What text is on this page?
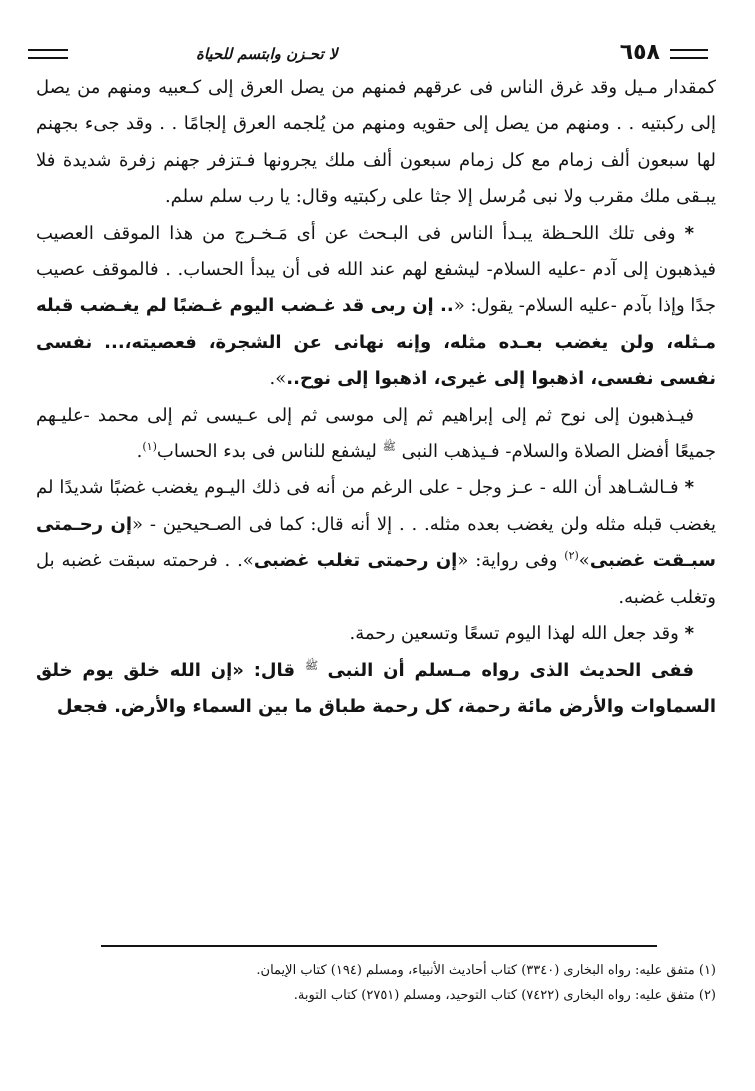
٦٥٨
لا تحـزن وابتسم للحياة

كمقدار مـيل وقد غرق الناس فى عرقهم فمنهم من يصل العرق إلى كـعبيه ومنهم من يصل إلى ركبتيه . . ومنهم من يصل إلى حقويه ومنهم من يُلجمه العرق إلجامًا . . وقد جىء بجهنم لها سبعون ألف زمام مع كل زمام سبعون ألف ملك يجرونها فـتزفر جهنم زفرة شديدة فلا يبـقى ملك مقرب ولا نبى مُرسل إلا جثا على ركبتيه وقال: يا رب سلم سلم.

* وفى تلك اللحـظة يبـدأ الناس فى البـحث عن أى مَـخـرج من هذا الموقف العصيب فيذهبون إلى آدم -عليه السلام- ليشفع لهم عند الله فى أن يبدأ الحساب. . فالموقف عصيب جدًا وإذا بآدم -عليه السلام- يقول: «.. إن ربى قد غـضب اليوم غـضبًا لم يغـضب قبله مـثله، ولن يغضب بعـده مثله، وإنه نهانى عن الشجرة، فعصيته،... نفسى نفسى نفسى، اذهبوا إلى غيرى، اذهبوا إلى نوح..».

فيـذهبون إلى نوح ثم إلى إبراهيم ثم إلى موسى ثم إلى عـيسى ثم إلى محمد -عليـهم جميعًا أفضل الصلاة والسلام- فـيذهب النبى $^ﷺ$ ليشفع للناس فى بدء الحساب$^{(١)}$.

* فـالشـاهد أن الله - عـز وجل - على الرغم من أنه فى ذلك اليـوم يغضب غضبًا شديدًا لم يغضب قبله مثله ولن يغضب بعده مثله. . . إلا أنه قال: كما فى الصـحيحين - «إن رحـمتى سبـقت غضبى»$^{(٢)}$ وفى رواية: «إن رحمتى تغلب غضبى». . فرحمته سبقت غضبه بل وتغلب غضبه.

* وقد جعل الله لهذا اليوم تسعًا وتسعين رحمة.

ففى الحديث الذى رواه مـسلم أن النبى $^ﷺ$ قال: «إن الله خلق يوم خلق السماوات والأرض مائة رحمة، كل رحمة طباق ما بين السماء والأرض. فجعل

(١) متفق عليه: رواه البخارى (٣٣٤٠) كتاب أحاديث الأنبياء، ومسلم (١٩٤) كتاب الإيمان.
(٢) متفق عليه: رواه البخارى (٧٤٢٢) كتاب التوحيد، ومسلم (٢٧٥١) كتاب التوبة.
